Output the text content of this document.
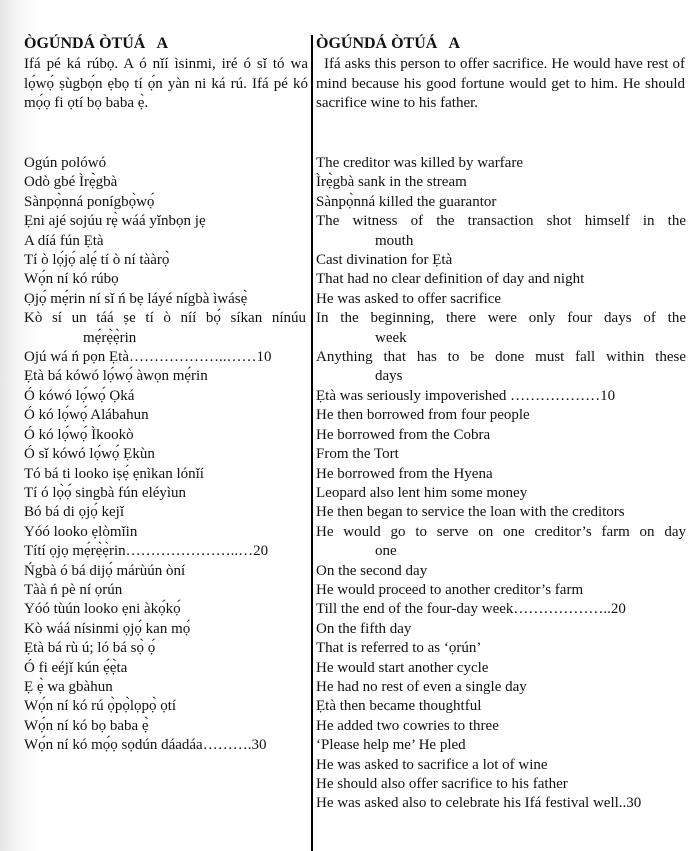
ÒGÚNDÁ ÒTÚÁ   A

Ifá pé ká rúbọ. A ó nǐí ìsinmi, iré ó sǐ tó wa lọ́wọ́ ṣùgbọ́n ẹbọ tí ọ́n yàn ni ká rú. Ifá pé kó mọ́ọ fi ọtí bọ baba ẹ̀.

ÒGÚNDÁ ÒTÚÁ   A

Ifá asks this person to offer sacrifice. He would have rest of mind because his good fortune would get to him. He should sacrifice wine to his father.

Ogún polówó
Odò gbé Ìrẹ̀gbà
Sànpọ̀nná ponígbọ̀wọ́
Ẹni ajé sojúu rẹ̀ wáá yǐnbọn jẹ
A díá fún Ẹtà
Tí ò lọ́jọ́ alẹ́ tí ò ní tààrọ̀
Wọ́n ní kó rúbọ
Ọjọ́ mẹ́rin ní sǐ ń bẹ láyé nígbà ìwásẹ̀
Kò sí un táá ṣe tí ò níí bọ́ síkan nínúu
mẹ́rẹ̀ẹ̀rin
Ojú wá ń pọn Ẹtà………………..……10
Ẹtà bá kówó lọ́wọ́ àwọn mẹ́rin
Ó kówó lọ́wọ́ Ọká
Ó kó lọ́wọ́ Alábahun
Ó kó lọ́wọ́ Ìkookò
Ó sǐ kówó lọ́wọ́ Ẹkùn
Tó bá ti looko iṣẹ́ ẹnìkan lónǐí
Tí ó lọ̀ọ́ singbà fún eléyìun
Bó bá di ọjọ́ kejǐ
Yóó looko ẹlòmǐin
Títí ọjọ mẹ́rẹ̀ẹ̀rin…………………..…20
Ńgbà ó bá dijọ́ márùún òní
Tàà ń pè ní ọrún
Yóó tùún looko ẹni àkọ́kọ́
Kò wáá nísinmi ọjọ́ kan mọ́
Ẹtà bá rù ú; ló bá sọ̀ ọ́
Ó fi eéjǐ kún ẹ́ẹ̀ta
Ẹ ẹ̀ wa gbàhun
Wọ́n ní kó rú ọ̀pọ̀lọpọ̀ ọtí
Wọ́n ní kó bọ baba ẹ̀
Wọ́n ní kó mọ́ọ sọdún dáadáa……….30
The creditor was killed by warfare
Ìrẹ̀gbà sank in the stream
Sànpọ̀nná killed the guarantor
The witness of the transaction shot himself in the
mouth
Cast divination for Ẹtà
That had no clear definition of day and night
He was asked to offer sacrifice
In the beginning, there were only four days of the
week
Anything that has to be done must fall within these
days
Ẹtà was seriously impoverished ………………10
He then borrowed from four people
He borrowed from the Cobra
From the Tort
He borrowed from the Hyena
Leopard also lent him some money
He then began to service the loan with the creditors
He would go to serve on one creditor’s farm on day
one
On the second day
He would proceed to another creditor’s farm
Till the end of the four-day week………………..20
On the fifth day
That is referred to as ‘ọrún’
He would start another cycle
He had no rest of even a single day
Ẹtà then became thoughtful
He added two cowries to three
‘Please help me’ He pled
He was asked to sacrifice a lot of wine
He should also offer sacrifice to his father
He was asked also to celebrate his Ifá festival well..30
